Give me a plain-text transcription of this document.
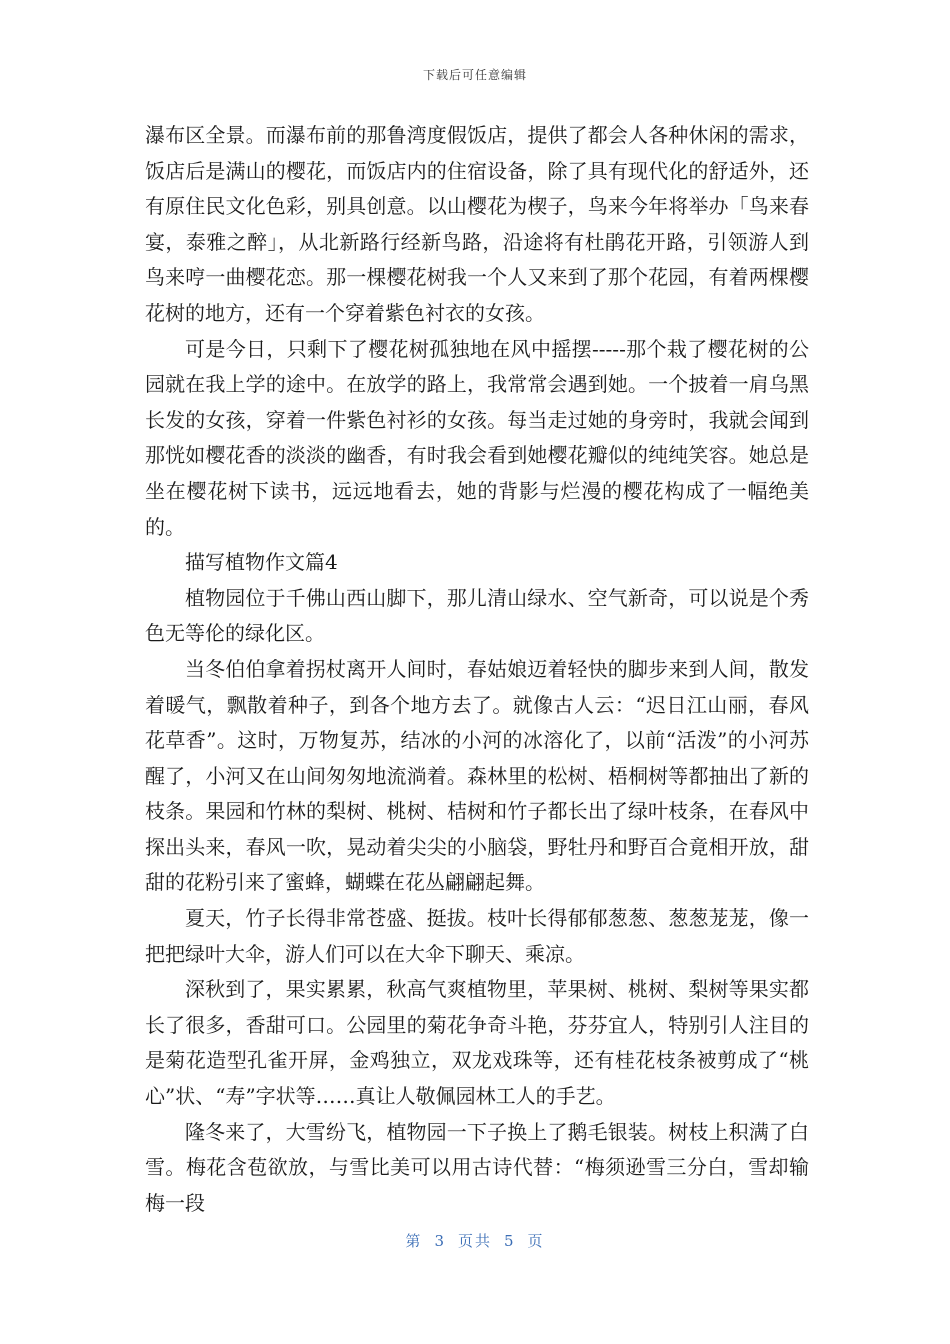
下载后可任意编辑

瀑布区全景。而瀑布前的那鲁湾度假饭店，提供了都会人各种休闲的需求，饭店后是满山的樱花，而饭店内的住宿设备，除了具有现代化的舒适外，还有原住民文化色彩，别具创意。以山樱花为楔子，鸟来今年将举办「鸟来春宴，泰雅之醉」，从北新路行经新鸟路，沿途将有杜鹃花开路，引领游人到鸟来哼一曲樱花恋。那一棵樱花树我一个人又来到了那个花园，有着两棵樱花树的地方，还有一个穿着紫色衬衣的女孩。

可是今日，只剩下了樱花树孤独地在风中摇摆-----那个栽了樱花树的公园就在我上学的途中。在放学的路上，我常常会遇到她。一个披着一肩乌黑长发的女孩，穿着一件紫色衬衫的女孩。每当走过她的身旁时，我就会闻到那恍如樱花香的淡淡的幽香，有时我会看到她樱花瓣似的纯纯笑容。她总是坐在樱花树下读书，远远地看去，她的背影与烂漫的樱花构成了一幅绝美的。

描写植物作文篇4

植物园位于千佛山西山脚下，那儿清山绿水、空气新奇，可以说是个秀色无等伦的绿化区。

当冬伯伯拿着拐杖离开人间时，春姑娘迈着轻快的脚步来到人间，散发着暖气，飘散着种子，到各个地方去了。就像古人云：“迟日江山丽，春风花草香”。这时，万物复苏，结冰的小河的冰溶化了，以前“活泼”的小河苏醒了，小河又在山间匆匆地流淌着。森林里的松树、梧桐树等都抽出了新的枝条。果园和竹林的梨树、桃树、桔树和竹子都长出了绿叶枝条，在春风中探出头来，春风一吹，晃动着尖尖的小脑袋，野牡丹和野百合竟相开放，甜甜的花粉引来了蜜蜂，蝴蝶在花丛翩翩起舞。

夏天，竹子长得非常苍盛、挺拔。枝叶长得郁郁葱葱、葱葱茏茏，像一把把绿叶大伞，游人们可以在大伞下聊天、乘凉。

深秋到了，果实累累，秋高气爽植物里，苹果树、桃树、梨树等果实都长了很多，香甜可口。公园里的菊花争奇斗艳，芬芬宜人，特别引人注目的是菊花造型孔雀开屏，金鸡独立，双龙戏珠等，还有桂花枝条被剪成了“桃心”状、“寿”字状等……真让人敬佩园林工人的手艺。

隆冬来了，大雪纷飞，植物园一下子换上了鹅毛银装。树枝上积满了白雪。梅花含苞欲放，与雪比美可以用古诗代替：“梅须逊雪三分白，雪却输梅一段

第 3 页共 5 页
